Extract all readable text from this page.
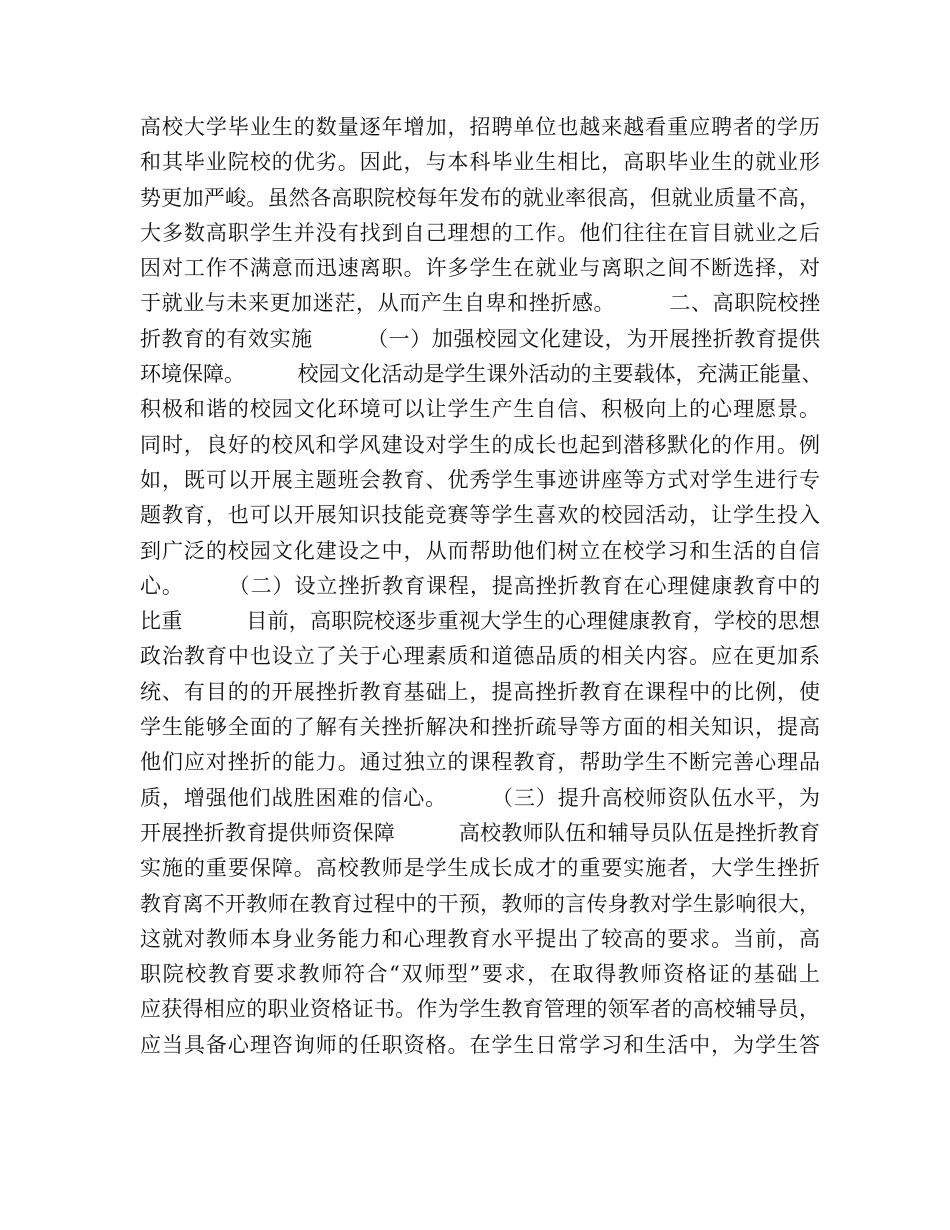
高校大学毕业生的数量逐年增加，招聘单位也越来越看重应聘者的学历
和其毕业院校的优劣。因此，与本科毕业生相比，高职毕业生的就业形
势更加严峻。虽然各高职院校每年发布的就业率很高，但就业质量不高，
大多数高职学生并没有找到自己理想的工作。他们往往在盲目就业之后
因对工作不满意而迅速离职。许多学生在就业与离职之间不断选择，对
于就业与未来更加迷茫，从而产生自卑和挫折感。　　　二、高职院校挫
折教育的有效实施　　　（一）加强校园文化建设，为开展挫折教育提供
环境保障。　　　校园文化活动是学生课外活动的主要载体，充满正能量、
积极和谐的校园文化环境可以让学生产生自信、积极向上的心理愿景。
同时，良好的校风和学风建设对学生的成长也起到潜移默化的作用。例
如，既可以开展主题班会教育、优秀学生事迹讲座等方式对学生进行专
题教育，也可以开展知识技能竞赛等学生喜欢的校园活动，让学生投入
到广泛的校园文化建设之中，从而帮助他们树立在校学习和生活的自信
心。　　　（二）设立挫折教育课程，提高挫折教育在心理健康教育中的
比重　　　目前，高职院校逐步重视大学生的心理健康教育，学校的思想
政治教育中也设立了关于心理素质和道德品质的相关内容。应在更加系
统、有目的的开展挫折教育基础上，提高挫折教育在课程中的比例，使
学生能够全面的了解有关挫折解决和挫折疏导等方面的相关知识，提高
他们应对挫折的能力。通过独立的课程教育，帮助学生不断完善心理品
质，增强他们战胜困难的信心。　　　（三）提升高校师资队伍水平，为
开展挫折教育提供师资保障　　　高校教师队伍和辅导员队伍是挫折教育
实施的重要保障。高校教师是学生成长成才的重要实施者，大学生挫折
教育离不开教师在教育过程中的干预，教师的言传身教对学生影响很大，
这就对教师本身业务能力和心理教育水平提出了较高的要求。当前，高
职院校教育要求教师符合“双师型”要求，在取得教师资格证的基础上
应获得相应的职业资格证书。作为学生教育管理的领军者的高校辅导员，
应当具备心理咨询师的任职资格。在学生日常学习和生活中，为学生答
